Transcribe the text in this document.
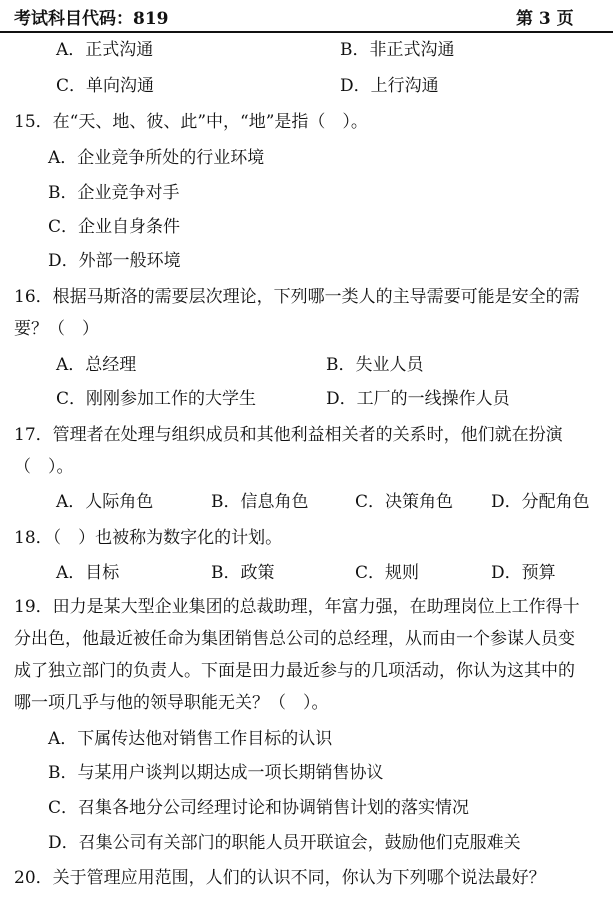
考试科目代码：819	第 3 页
A．正式沟通	B．非正式沟通
C．单向沟通	D．上行沟通
15．在“天、地、彼、此”中，“地”是指（　）。
A．企业竞争所处的行业环境
B．企业竞争对手
C．企业自身条件
D．外部一般环境
16．根据马斯洛的需要层次理论，下列哪一类人的主导需要可能是安全的需
要？（　）
A．总经理	B．失业人员
C．刚刚参加工作的大学生	D．工厂的一线操作人员
17．管理者在处理与组织成员和其他利益相关者的关系时，他们就在扮演
（　）。
A．人际角色	B．信息角色	C．决策角色 D．分配角色
18．（　）也被称为数字化的计划。
A．目标	B．政策	C．规则	D．预算
19．田力是某大型企业集团的总裁助理，年富力强，在助理岗位上工作得十
分出色，他最近被任命为集团销售总公司的总经理，从而由一个参谋人员变
成了独立部门的负责人。下面是田力最近参与的几项活动，你认为这其中的
哪一项几乎与他的领导职能无关？（　）。
A．下属传达他对销售工作目标的认识
B．与某用户谈判以期达成一项长期销售协议
C．召集各地分公司经理讨论和协调销售计划的落实情况
D．召集公司有关部门的职能人员开联谊会，鼓励他们克服难关
20．关于管理应用范围，人们的认识不同，你认为下列哪个说法最好？
